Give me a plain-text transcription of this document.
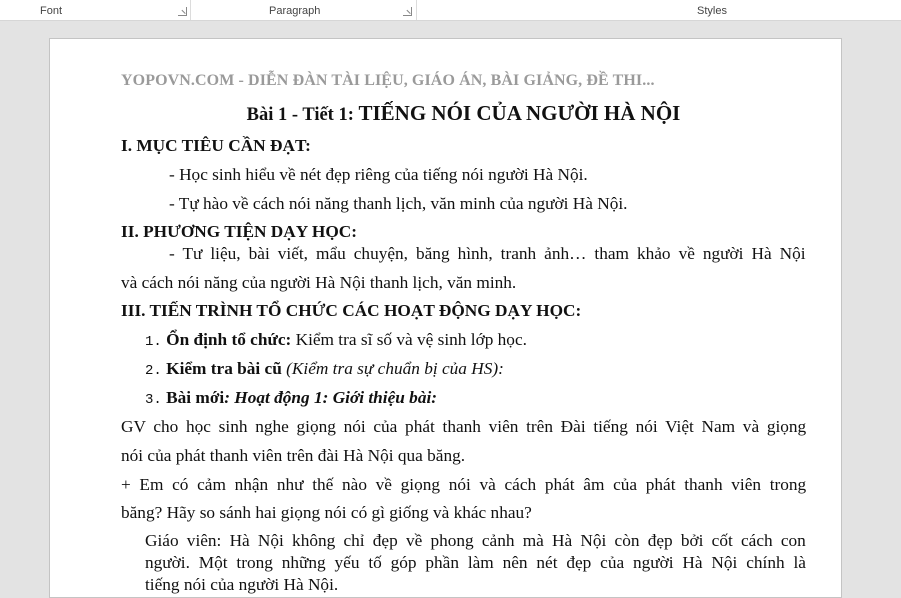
Font	Paragraph	Styles
YOPOVN.COM - DIỄN ĐÀN TÀI LIỆU, GIÁO ÁN, BÀI GIẢNG, ĐỀ THI...
Bài 1 - Tiết 1: TIẾNG NÓI CỦA NGƯỜI HÀ NỘI
I. MỤC TIÊU CẦN ĐẠT:
- Học sinh hiểu về nét đẹp riêng của tiếng nói người Hà Nội.
- Tự hào về cách nói năng thanh lịch, văn minh của người Hà Nội.
II. PHƯƠNG TIỆN DẠY HỌC:
- Tư liệu, bài viết, mẩu chuyện, băng hình, tranh ảnh… tham khảo về người Hà Nội
và cách nói năng của người Hà Nội thanh lịch, văn minh.
III. TIẾN TRÌNH TỔ CHỨC CÁC HOẠT ĐỘNG DẠY HỌC:
1. Ổn định tổ chức: Kiểm tra sĩ số và vệ sinh lớp học.
2. Kiểm tra bài cũ (Kiểm tra sự chuẩn bị của HS):
3. Bài mới: Hoạt động 1: Giới thiệu bài:
GV cho học sinh nghe giọng nói của phát thanh viên trên Đài tiếng nói Việt Nam và giọng
nói của phát thanh viên trên đài Hà Nội qua băng.
+ Em có cảm nhận như thế nào về giọng nói và cách phát âm của phát thanh viên trong
băng? Hãy so sánh hai giọng nói có gì giống và khác nhau?
Giáo viên: Hà Nội không chỉ đẹp về phong cảnh mà Hà Nội còn đẹp bởi cốt cách con
người. Một trong những yếu tố góp phần làm nên nét đẹp của người Hà Nội chính là
tiếng nói của người Hà Nội.
